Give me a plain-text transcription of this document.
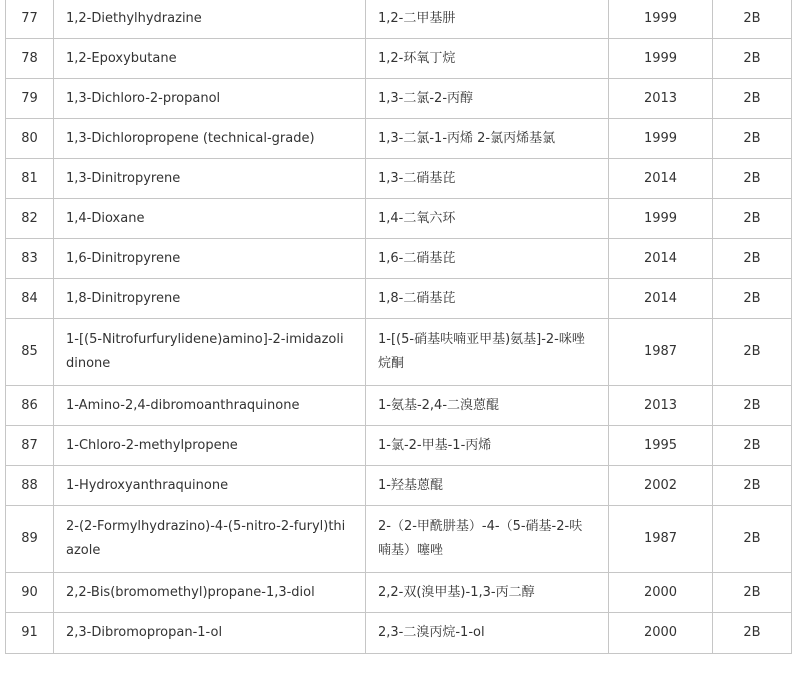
77	1,2-Diethylhydrazine	1,2-二甲基肼	1999	2B
78	1,2-Epoxybutane	1,2-环氧丁烷	1999	2B
79	1,3-Dichloro-2-propanol	1,3-二氯-2-丙醇	2013	2B
80	1,3-Dichloropropene (technical-grade)	1,3-二氯-1-丙烯 2-氯丙烯基氯	1999	2B
81	1,3-Dinitropyrene	1,3-二硝基芘	2014	2B
82	1,4-Dioxane	1,4-二氧六环	1999	2B
83	1,6-Dinitropyrene	1,6-二硝基芘	2014	2B
84	1,8-Dinitropyrene	1,8-二硝基芘	2014	2B
85	1-[(5-Nitrofurfurylidene)amino]-2-imidazolidinone	1-[(5-硝基呋喃亚甲基)氨基]-2-咪唑烷酮	1987	2B
86	1-Amino-2,4-dibromoanthraquinone	1-氨基-2,4-二溴蒽醌	2013	2B
87	1-Chloro-2-methylpropene	1-氯-2-甲基-1-丙烯	1995	2B
88	1-Hydroxyanthraquinone	1-羟基蒽醌	2002	2B
89	2-(2-Formylhydrazino)-4-(5-nitro-2-furyl)thiazole	2-（2-甲酰肼基）-4-（5-硝基-2-呋喃基）噻唑	1987	2B
90	2,2-Bis(bromomethyl)propane-1,3-diol	2,2-双(溴甲基)-1,3-丙二醇	2000	2B
91	2,3-Dibromopropan-1-ol	2,3-二溴丙烷-1-ol	2000	2B
